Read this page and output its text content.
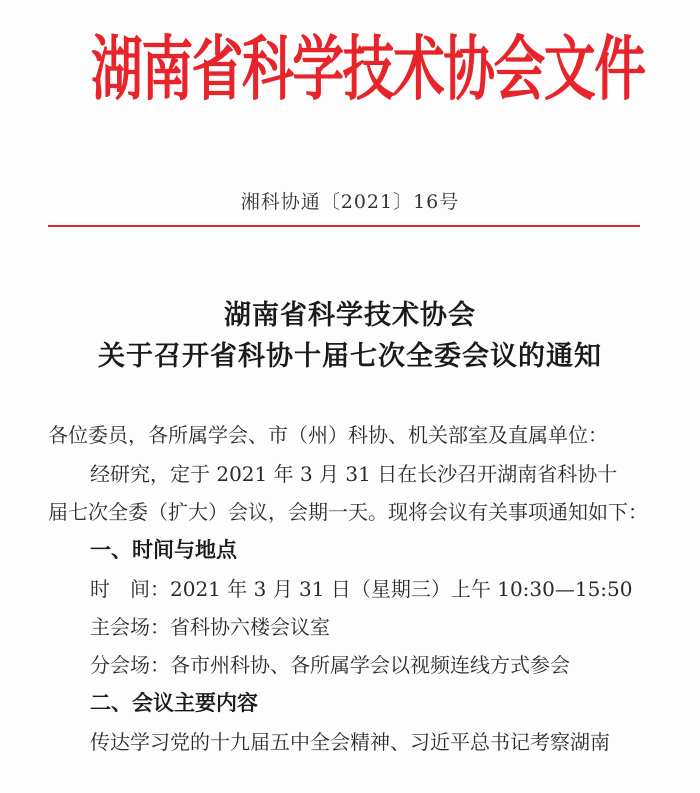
湖南省科学技术协会文件
湘科协通〔2021〕16号
湖南省科学技术协会
关于召开省科协十届七次全委会议的通知
各位委员，各所属学会、市（州）科协、机关部室及直属单位：
经研究，定于 2021 年 3 月 31 日在长沙召开湖南省科协十
届七次全委（扩大）会议，会期一天。现将会议有关事项通知如下：
一、时间与地点
时　间：2021 年 3 月 31 日（星期三）上午 10:30—15:50
主会场：省科协六楼会议室
分会场：各市州科协、各所属学会以视频连线方式参会
二、会议主要内容
传达学习党的十九届五中全会精神、习近平总书记考察湖南
